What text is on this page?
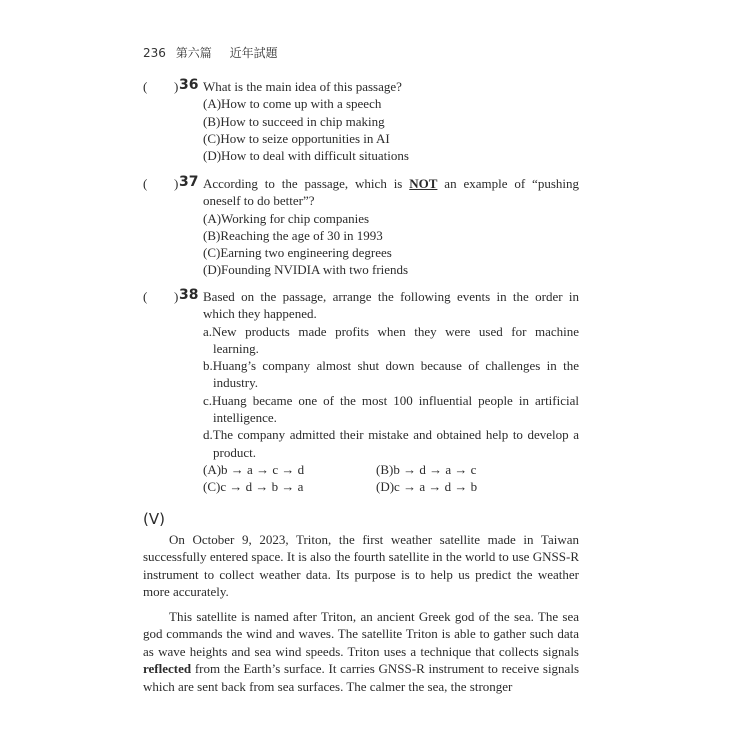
236 第六篇 近年試題
( ) 36 What is the main idea of this passage?
(A)How to come up with a speech
(B)How to succeed in chip making
(C)How to seize opportunities in AI
(D)How to deal with difficult situations
( ) 37 According to the passage, which is NOT an example of “pushing oneself to do better”?
(A)Working for chip companies
(B)Reaching the age of 30 in 1993
(C)Earning two engineering degrees
(D)Founding NVIDIA with two friends
( ) 38 Based on the passage, arrange the following events in the order in which they happened.
a.New products made profits when they were used for machine learning.
b.Huang’s company almost shut down because of challenges in the industry.
c.Huang became one of the most 100 influential people in artificial intelligence.
d.The company admitted their mistake and obtained help to develop a product.
(A)b → a → c → d	(B)b → d → a → c
(C)c → d → b → a	(D)c → a → d → b
(V)

On October 9, 2023, Triton, the first weather satellite made in Taiwan successfully entered space. It is also the fourth satellite in the world to use GNSS-R instrument to collect weather data. Its purpose is to help us predict the weather more accurately.

This satellite is named after Triton, an ancient Greek god of the sea. The sea god commands the wind and waves. The satellite Triton is able to gather such data as wave heights and sea wind speeds. Triton uses a technique that collects signals reflected from the Earth’s surface. It carries GNSS-R instrument to receive signals which are sent back from sea surfaces. The calmer the sea, the stronger
